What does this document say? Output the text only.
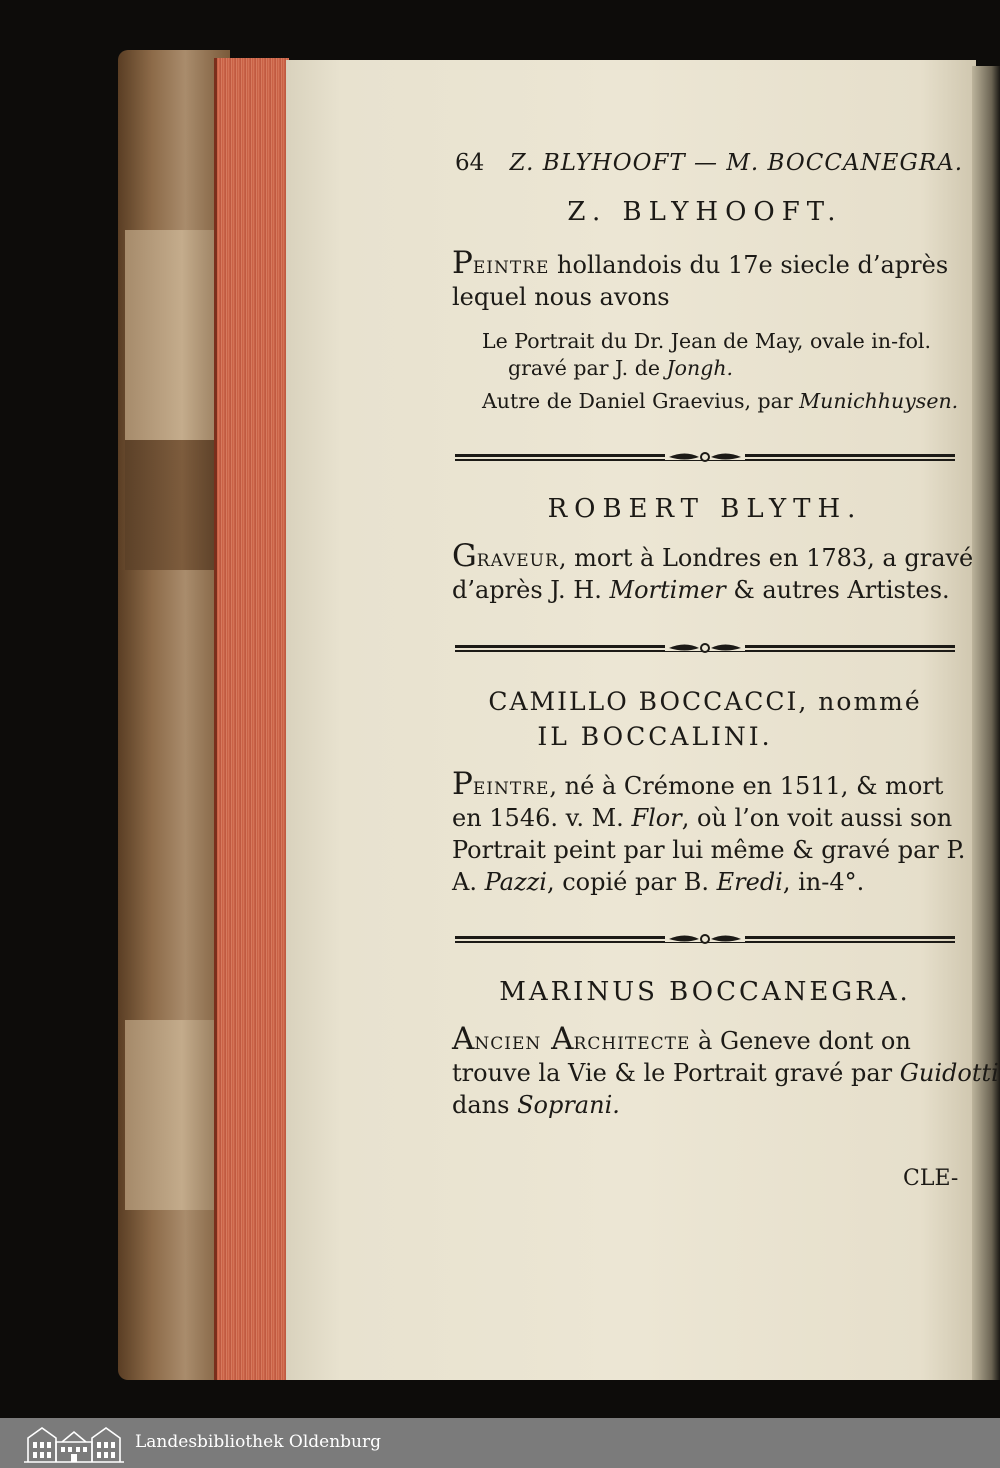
64 Z. BLYHOOFT — M. BOCCANEGRA.
Z. BLYHOOFT.
Peintre hollandois du 17e siecle d’après
lequel nous avons
Le Portrait du Dr. Jean de May, ovale in-fol.
gravé par J. de Jongh.
Autre de Daniel Graevius, par Munichhuysen.
ROBERT BLYTH.
Graveur, mort à Londres en 1783, a gravé
d’après J. H. Mortimer & autres Artistes.
CAMILLO BOCCACCI, nommé
IL BOCCALINI.
Peintre, né à Crémone en 1511, & mort
en 1546. v. M. Flor, où l’on voit aussi son
Portrait peint par lui même & gravé par P.
A. Pazzi, copié par B. Eredi, in-4°.
MARINUS BOCCANEGRA.
Ancien Architecte à Geneve dont on
trouve la Vie & le Portrait gravé par Guidotti
dans Soprani.
CLE-
Landesbibliothek Oldenburg
